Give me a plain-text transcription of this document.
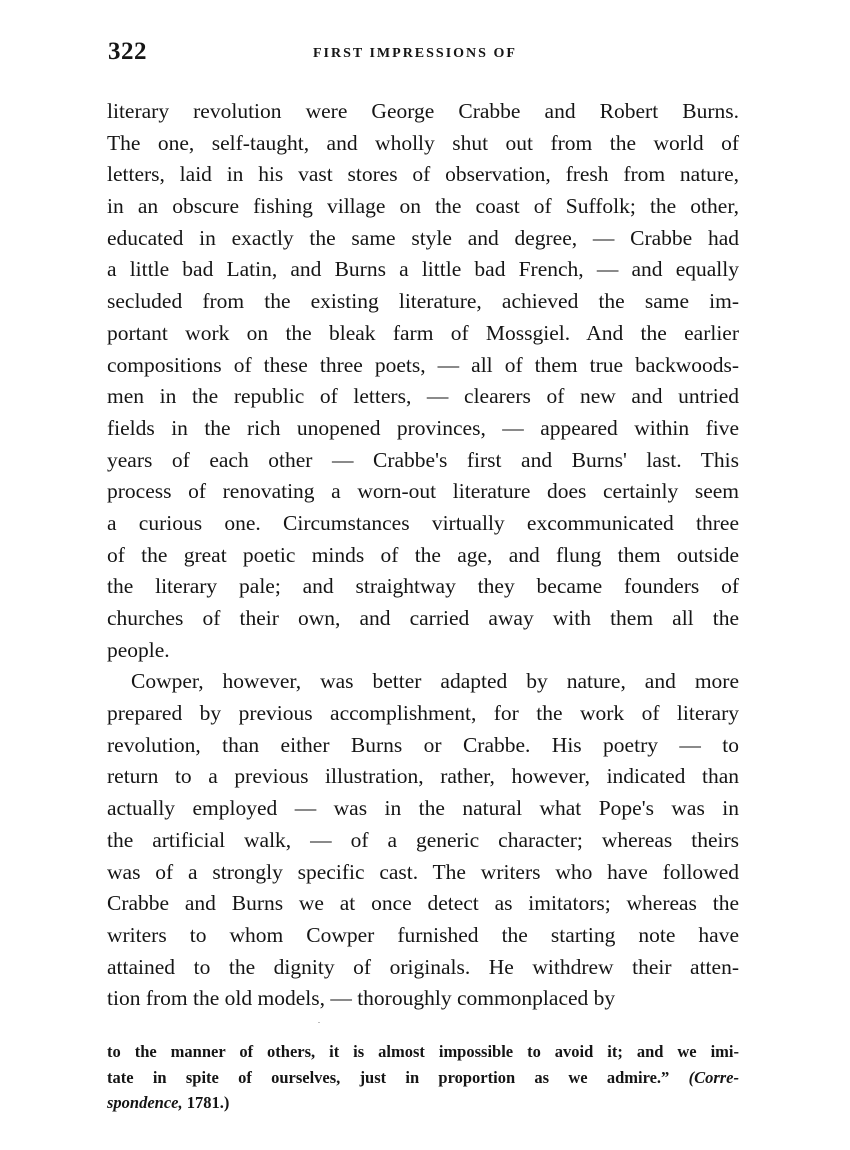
322	FIRST IMPRESSIONS OF
literary revolution were George Crabbe and Robert Burns.
The one, self-taught, and wholly shut out from the world of
letters, laid in his vast stores of observation, fresh from nature,
in an obscure fishing village on the coast of Suffolk; the other,
educated in exactly the same style and degree, — Crabbe had
a little bad Latin, and Burns a little bad French, — and equally
secluded from the existing literature, achieved the same im-
portant work on the bleak farm of Mossgiel. And the earlier
compositions of these three poets, — all of them true backwoods-
men in the republic of letters, — clearers of new and untried
fields in the rich unopened provinces, — appeared within five
years of each other — Crabbe's first and Burns' last. This
process of renovating a worn-out literature does certainly seem
a curious one. Circumstances virtually excommunicated three
of the great poetic minds of the age, and flung them outside
the literary pale; and straightway they became founders of
churches of their own, and carried away with them all the
people.
Cowper, however, was better adapted by nature, and more
prepared by previous accomplishment, for the work of literary
revolution, than either Burns or Crabbe. His poetry — to
return to a previous illustration, rather, however, indicated than
actually employed — was in the natural what Pope's was in
the artificial walk, — of a generic character; whereas theirs
was of a strongly specific cast. The writers who have followed
Crabbe and Burns we at once detect as imitators; whereas the
writers to whom Cowper furnished the starting note have
attained to the dignity of originals. He withdrew their atten-
tion from the old models, — thoroughly commonplaced by
to the manner of others, it is almost impossible to avoid it; and we imi-
tate in spite of ourselves, just in proportion as we admire.” (Corre-
spondence, 1781.)
